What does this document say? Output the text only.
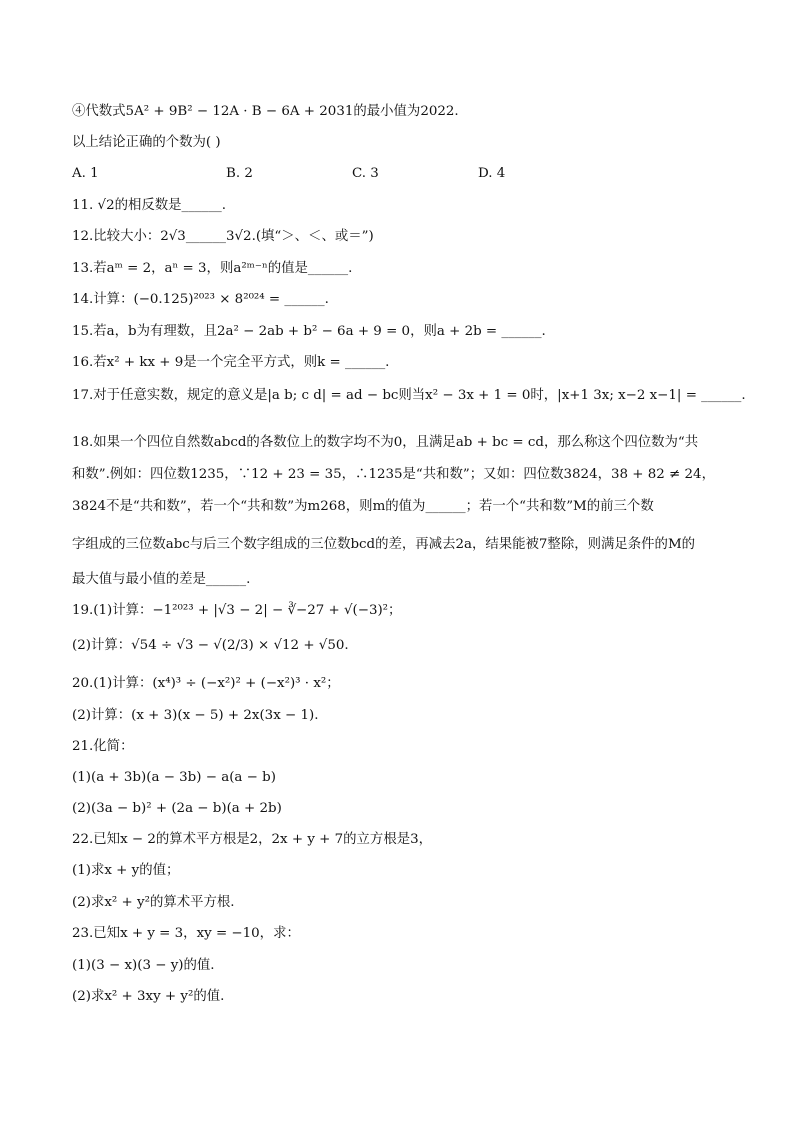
④代数式5A² + 9B² − 12A · B − 6A + 2031的最小值为2022.
以上结论正确的个数为( )
A. 1	B. 2	C. 3	D. 4
11. √2的相反数是______.
12.比较大小：2√3______3√2.(填“＞、＜、或＝”)
13.若aᵐ = 2，aⁿ = 3，则a²ᵐ⁻ⁿ的值是______.
14.计算：(−0.125)²⁰²³ × 8²⁰²⁴ = ______.
15.若a，b为有理数，且2a² − 2ab + b² − 6a + 9 = 0，则a + 2b = ______.
16.若x² + kx + 9是一个完全平方式，则k = ______.
17.对于任意实数，规定的意义是|a b; c d| = ad − bc则当x² − 3x + 1 = 0时，|x+1 3x; x−2 x−1| = ______.
18.如果一个四位自然数abcd的各数位上的数字均不为0，且满足ab + bc = cd，那么称这个四位数为“共
和数”.例如：四位数1235，∵12 + 23 = 35，∴1235是“共和数”；又如：四位数3824，38 + 82 ≠ 24，
3824不是“共和数”，若一个“共和数”为m268，则m的值为______；若一个“共和数”M的前三个数
字组成的三位数abc与后三个数字组成的三位数bcd的差，再减去2a，结果能被7整除，则满足条件的M的
最大值与最小值的差是______.
19.(1)计算：−1²⁰²³ + |√3 − 2| − ∛−27 + √(−3)²；
(2)计算：√54 ÷ √3 − √(2/3) × √12 + √50.
20.(1)计算：(x⁴)³ ÷ (−x²)² + (−x²)³ · x²；
(2)计算：(x + 3)(x − 5) + 2x(3x − 1).
21.化简：
(1)(a + 3b)(a − 3b) − a(a − b)
(2)(3a − b)² + (2a − b)(a + 2b)
22.已知x − 2的算术平方根是2，2x + y + 7的立方根是3，
(1)求x + y的值；
(2)求x² + y²的算术平方根.
23.已知x + y = 3，xy = −10，求：
(1)(3 − x)(3 − y)的值.
(2)求x² + 3xy + y²的值.
